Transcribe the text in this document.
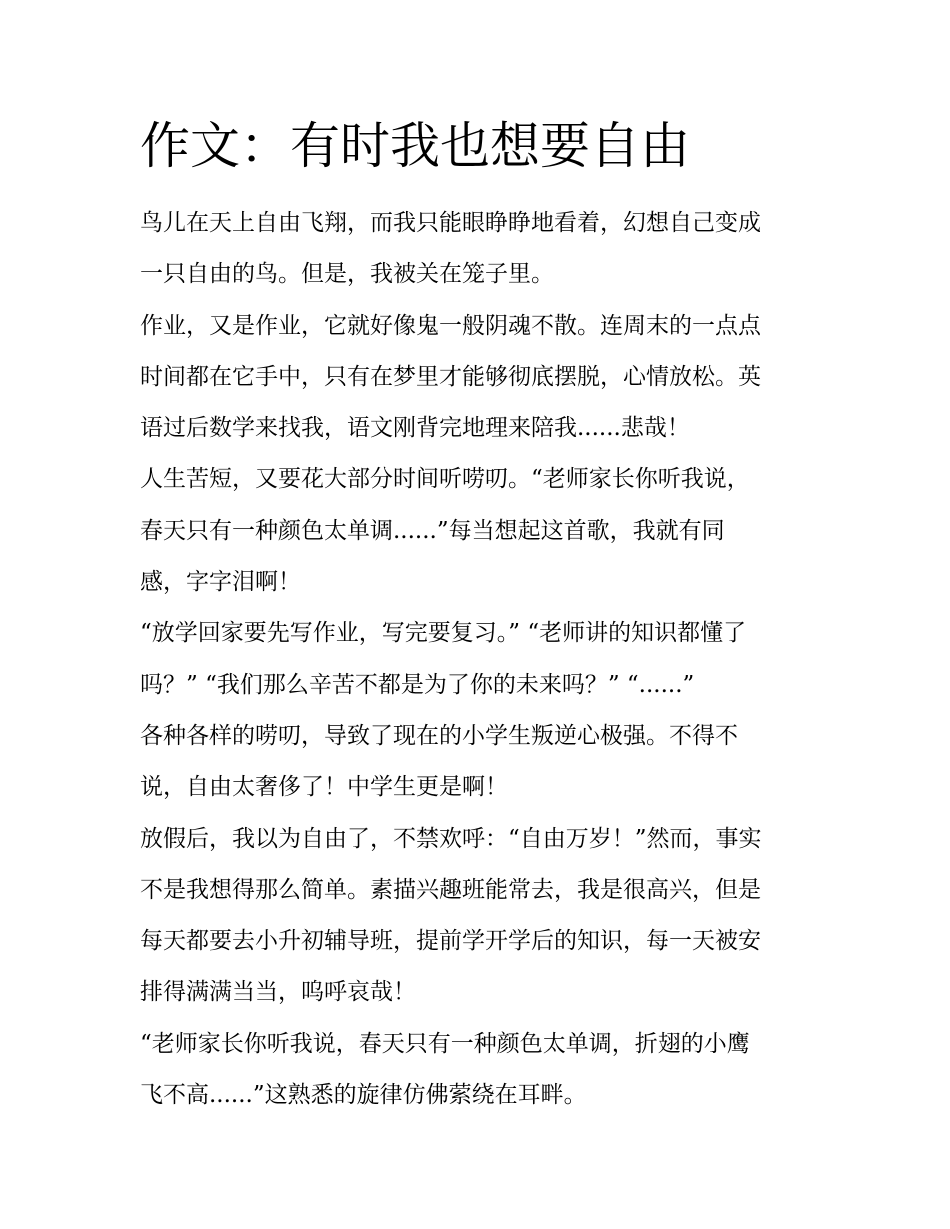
作文：有时我也想要自由

鸟儿在天上自由飞翔，而我只能眼睁睁地看着，幻想自己变成
一只自由的鸟。但是，我被关在笼子里。

作业，又是作业，它就好像鬼一般阴魂不散。连周末的一点点
时间都在它手中，只有在梦里才能够彻底摆脱，心情放松。英
语过后数学来找我，语文刚背完地理来陪我......悲哉！

人生苦短，又要花大部分时间听唠叨。“老师家长你听我说，
春天只有一种颜色太单调......”每当想起这首歌，我就有同
感，字字泪啊！

“放学回家要先写作业，写完要复习。” “老师讲的知识都懂了
吗？” “我们那么辛苦不都是为了你的未来吗？” “......”

各种各样的唠叨，导致了现在的小学生叛逆心极强。不得不
说，自由太奢侈了！中学生更是啊！

放假后，我以为自由了，不禁欢呼：“自由万岁！”然而，事实
不是我想得那么简单。素描兴趣班能常去，我是很高兴，但是
每天都要去小升初辅导班，提前学开学后的知识，每一天被安
排得满满当当，呜呼哀哉！

“老师家长你听我说，春天只有一种颜色太单调，折翅的小鹰
飞不高......”这熟悉的旋律仿佛萦绕在耳畔。
